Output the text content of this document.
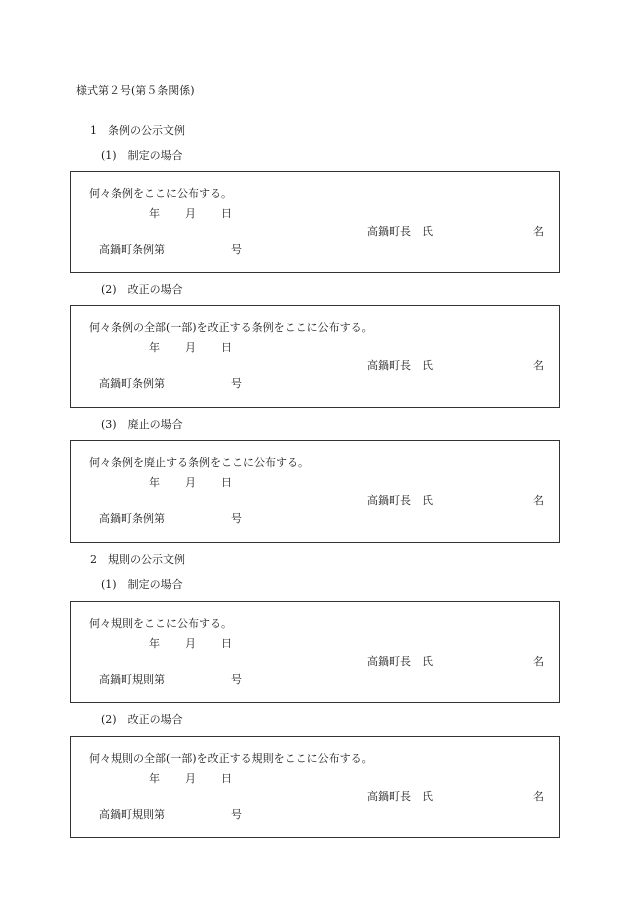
様式第２号(第５条関係)
1　条例の公示文例
(1)　制定の場合
何々条例をここに公布する。
年 月 日
高鍋町長　氏	名
高鍋町条例第	号
(2)　改正の場合
何々条例の全部(一部)を改正する条例をここに公布する。
年 月 日
高鍋町長　氏	名
高鍋町条例第	号
(3)　廃止の場合
何々条例を廃止する条例をここに公布する。
年 月 日
高鍋町長　氏	名
高鍋町条例第	号
2　規則の公示文例
(1)　制定の場合
何々規則をここに公布する。
年 月 日
高鍋町長　氏	名
高鍋町規則第	号
(2)　改正の場合
何々規則の全部(一部)を改正する規則をここに公布する。
年 月 日
高鍋町長　氏	名
高鍋町規則第	号
